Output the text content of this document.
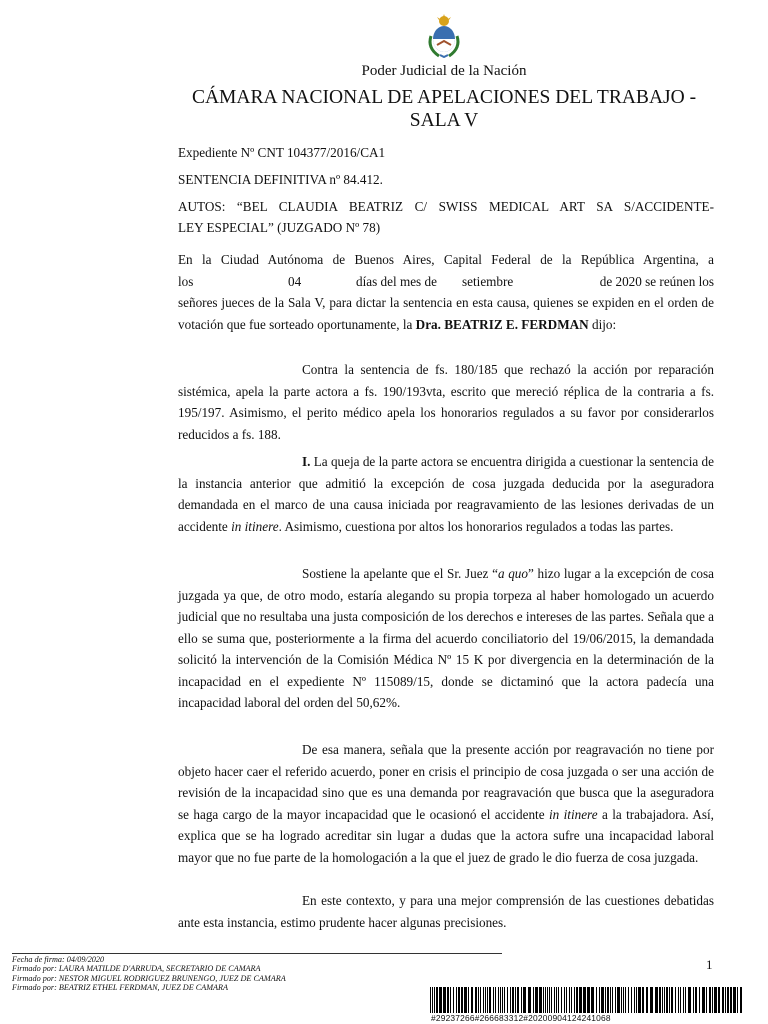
Poder Judicial de la Nación
CÁMARA NACIONAL DE APELACIONES DEL TRABAJO -
SALA V
Expediente Nº CNT 104377/2016/CA1
SENTENCIA DEFINITIVA nº 84.412.
AUTOS: “BEL CLAUDIA BEATRIZ C/ SWISS MEDICAL ART SA S/ACCIDENTE-
LEY ESPECIAL” (JUZGADO Nº 78)
En la Ciudad Autónoma de Buenos Aires, Capital Federal de la República Argentina, a
los	04	días del mes de setiembre	de 2020 se reúnen los
señores jueces de la Sala V, para dictar la sentencia en esta causa, quienes se expiden en el orden de votación que fue sorteado oportunamente, la Dra. BEATRIZ E. FERDMAN dijo:
Contra la sentencia de fs. 180/185 que rechazó la acción por reparación sistémica, apela la parte actora a fs. 190/193vta, escrito que mereció réplica de la contraria a fs. 195/197. Asimismo, el perito médico apela los honorarios regulados a su favor por considerarlos reducidos a fs. 188.
I. La queja de la parte actora se encuentra dirigida a cuestionar la sentencia de la instancia anterior que admitió la excepción de cosa juzgada deducida por la aseguradora demandada en el marco de una causa iniciada por reagravamiento de las lesiones derivadas de un accidente in itinere. Asimismo, cuestiona por altos los honorarios regulados a todas las partes.
Sostiene la apelante que el Sr. Juez “a quo” hizo lugar a la excepción de cosa juzgada ya que, de otro modo, estaría alegando su propia torpeza al haber homologado un acuerdo judicial que no resultaba una justa composición de los derechos e intereses de las partes. Señala que a ello se suma que, posteriormente a la firma del acuerdo conciliatorio del 19/06/2015, la demandada solicitó la intervención de la Comisión Médica Nº 15 K por divergencia en la determinación de la incapacidad en el expediente Nº 115089/15, donde se dictaminó que la actora padecía una incapacidad laboral del orden del 50,62%.
De esa manera, señala que la presente acción por reagravación no tiene por objeto hacer caer el referido acuerdo, poner en crisis el principio de cosa juzgada o ser una acción de revisión de la incapacidad sino que es una demanda por reagravación que busca que la aseguradora se haga cargo de la mayor incapacidad que le ocasionó el accidente in itinere a la trabajadora. Así, explica que se ha logrado acreditar sin lugar a dudas que la actora sufre una incapacidad laboral mayor que no fue parte de la homologación a la que el juez de grado le dio fuerza de cosa juzgada.
En este contexto, y para una mejor comprensión de las cuestiones debatidas ante esta instancia, estimo prudente hacer algunas precisiones.
Fecha de firma: 04/09/2020
Firmado por: LAURA MATILDE D'ARRUDA, SECRETARIO DE CAMARA
Firmado por: NESTOR MIGUEL RODRIGUEZ BRUNENGO, JUEZ DE CAMARA
Firmado por: BEATRIZ ETHEL FERDMAN, JUEZ DE CAMARA
1
#29237266#266683312#20200904124241068
